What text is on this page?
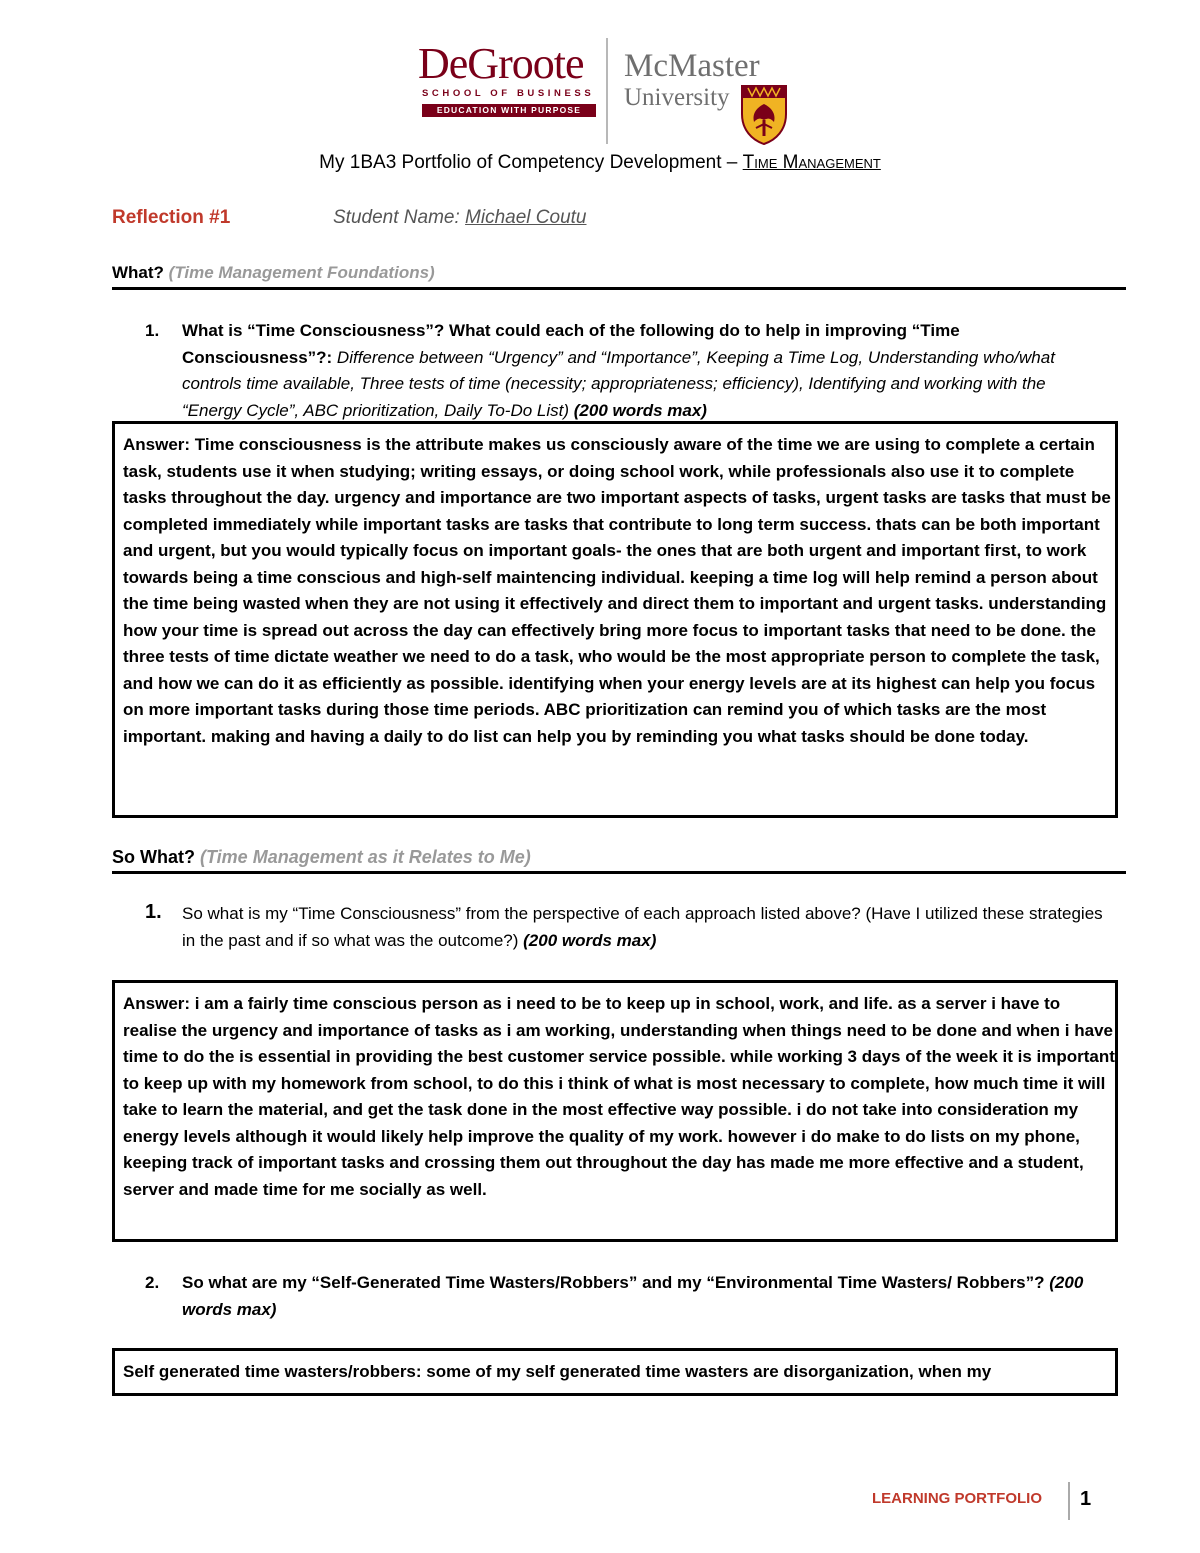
DeGroote
SCHOOL OF BUSINESS
EDUCATION WITH PURPOSE
McMaster
University
My 1BA3 Portfolio of Competency Development – Time Management
Reflection #1	Student Name: Michael Coutu
What? (Time Management Foundations)
1.	What is “Time Consciousness”? What could each of the following do to help in improving “Time Consciousness”?: Difference between “Urgency” and “Importance”, Keeping a Time Log, Understanding who/what controls time available, Three tests of time (necessity; appropriateness; efficiency), Identifying and working with the “Energy Cycle”, ABC prioritization, Daily To-Do List) (200 words max)
Answer: Time consciousness is the attribute makes us consciously aware of the time we are using to complete a certain task, students use it when studying; writing essays, or doing school work, while professionals also use it to complete tasks throughout the day. urgency and importance are two important aspects of tasks, urgent tasks are tasks that must be completed immediately while important tasks are tasks that contribute to long term success. thats can be both important and urgent, but you would typically focus on important goals- the ones that are both urgent and important first, to work towards being a time conscious and high-self maintencing individual. keeping a time log will help remind a person about the time being wasted when they are not using it effectively and direct them to important and urgent tasks. understanding how your time is spread out across the day can effectively bring more focus to important tasks that need to be done. the three tests of time dictate weather we need to do a task, who would be the most appropriate person to complete the task, and how we can do it as efficiently as possible. identifying when your energy levels are at its highest can help you focus on more important tasks during those time periods. ABC prioritization can remind you of which tasks are the most important. making and having a daily to do list can help you by reminding you what tasks should be done today.
So What? (Time Management as it Relates to Me)
1.	So what is my “Time Consciousness” from the perspective of each approach listed above? (Have I utilized these strategies in the past and if so what was the outcome?) (200 words max)
Answer: i am a fairly time conscious person as i need to be to keep up in school, work, and life. as a server i have to realise the urgency and importance of tasks as i am working, understanding when things need to be done and when i have time to do the is essential in providing the best customer service possible. while working 3 days of the week it is important to keep up with my homework from school, to do this i think of what is most necessary to complete, how much time it will take to learn the material, and get the task done in the most effective way possible. i do not take into consideration my energy levels although it would likely help improve the quality of my work. however i do make to do lists on my phone, keeping track of important tasks and crossing them out throughout the day has made me more effective and a student, server and made time for me socially as well.
2.	So what are my “Self-Generated Time Wasters/Robbers” and my “Environmental Time Wasters/ Robbers”? (200 words max)
Self generated time wasters/robbers: some of my self generated time wasters are disorganization, when my
LEARNING PORTFOLIO 1
